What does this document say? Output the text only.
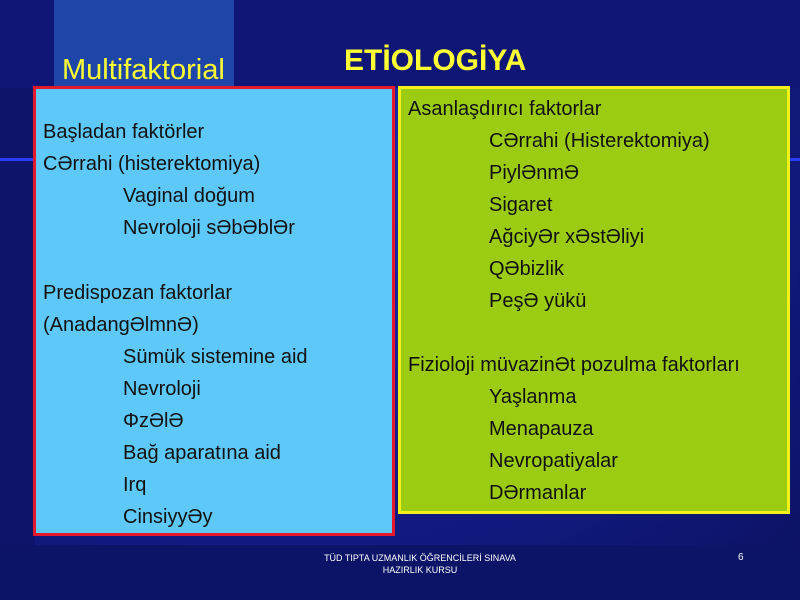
Multifaktorial	ETİOLOGİYA
Başladan faktörler
CƏrrahi (histerektomiya)
Vaginal doğum
Nevroloji sƏbƏblƏr
Predispozan faktorlar
(AnadangƏlmnƏ)
Sümük sistemine aid
Nevroloji
ΦzƏlƏ
Bağ aparatına aid
Irq
CinsiyyƏy
Asanlaşdırıcı faktorlar
CƏrrahi (Histerektomiya)
PiylƏnmƏ
Sigaret
AğciyƏr xƏstƏliyi
QƏbizlik
PeşƏ yükü
Fizioloji müvazinƏt pozulma faktorları
Yaşlanma
Menapauza
Nevropatiyalar
DƏrmanlar
TÜD TIPTA UZMANLIK ÖĞRENCİLERİ SINAVA
HAZIRLIK KURSU
6
